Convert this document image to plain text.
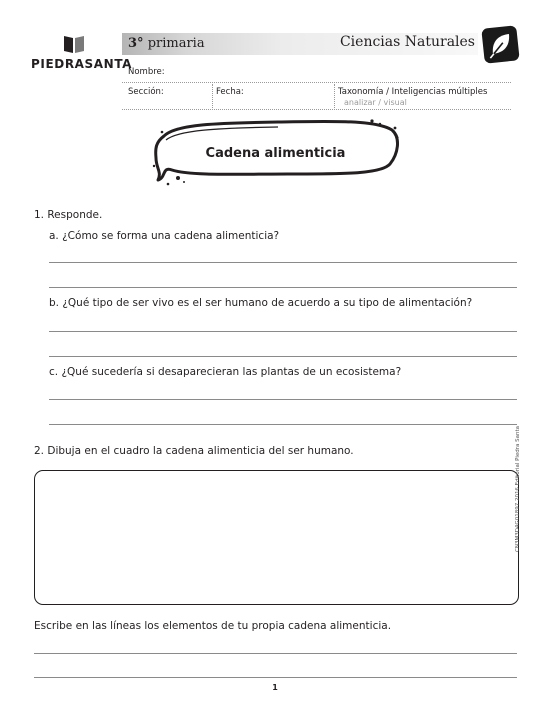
PIEDRASANTA
3° primaria	Ciencias Naturales
Nombre:
Sección:	Fecha:	Taxonomía / Inteligencias múltiples
analizar / visual
Cadena alimenticia
1. Responde.
a. ¿Cómo se forma una cadena alimenticia?
b. ¿Qué tipo de ser vivo es el ser humano de acuerdo a su tipo de alimentación?
c. ¿Qué sucedería si desaparecieran las plantas de un ecosistema?
2. Dibuja en el cuadro la cadena alimenticia del ser humano.	CN3M3D4G01897 2016 Editorial Piedra Santa
Escribe en las líneas los elementos de tu propia cadena alimenticia.
1
